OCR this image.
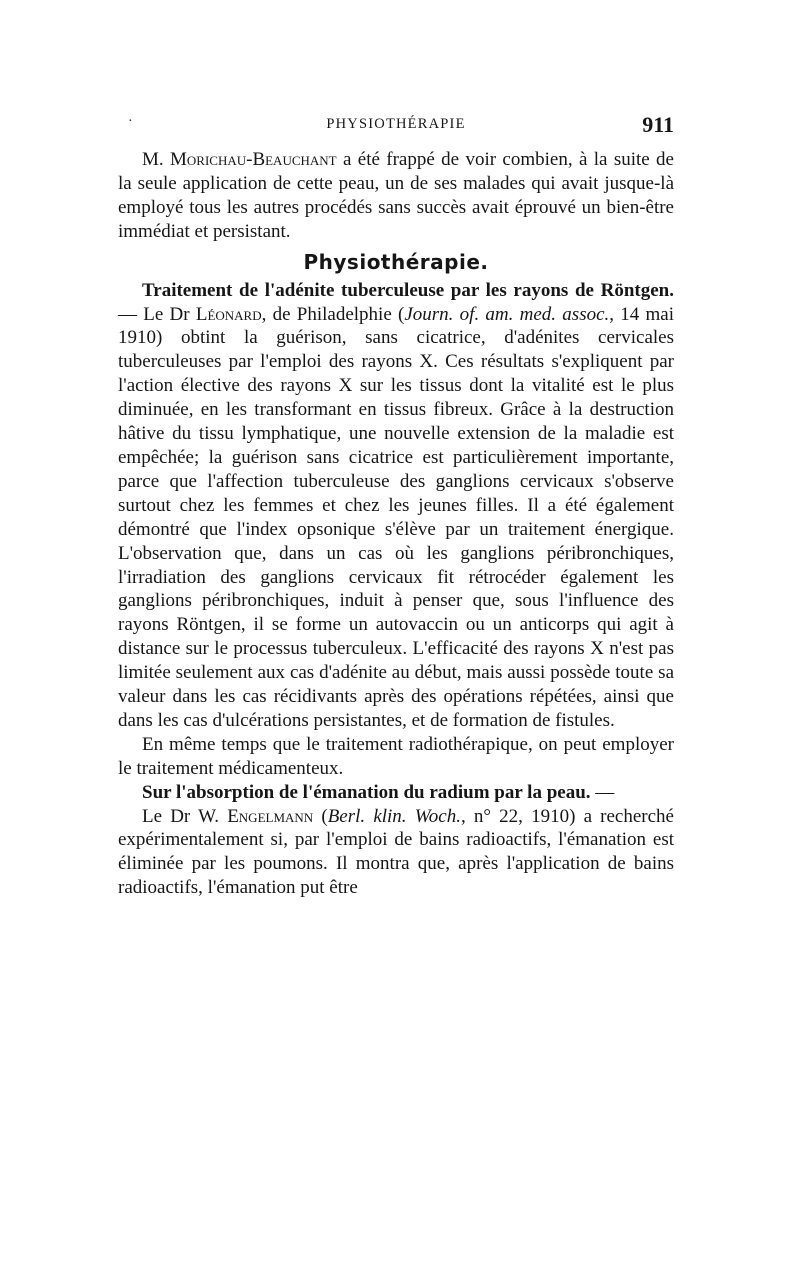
·	PHYSIOTHÉRAPIE	911

M. Morichau-Beauchant a été frappé de voir combien, à la suite de la seule application de cette peau, un de ses malades qui avait jusque-là employé tous les autres procédés sans succès avait éprouvé un bien-être immédiat et persistant.

Physiothérapie.

Traitement de l'adénite tuberculeuse par les rayons de Röntgen. — Le Dr Léonard, de Philadelphie (Journ. of. am. med. assoc., 14 mai 1910) obtint la guérison, sans cicatrice, d'adénites cervicales tuberculeuses par l'emploi des rayons X. Ces résultats s'expliquent par l'action élective des rayons X sur les tissus dont la vitalité est le plus diminuée, en les transformant en tissus fibreux. Grâce à la destruction hâtive du tissu lymphatique, une nouvelle extension de la maladie est empêchée; la guérison sans cicatrice est particulièrement importante, parce que l'affection tuberculeuse des ganglions cervicaux s'observe surtout chez les femmes et chez les jeunes filles. Il a été également démontré que l'index opsonique s'élève par un traitement énergique. L'observation que, dans un cas où les ganglions péribronchiques, l'irradiation des ganglions cervicaux fit rétrocéder également les ganglions péribronchiques, induit à penser que, sous l'influence des rayons Röntgen, il se forme un autovaccin ou un anticorps qui agit à distance sur le processus tuberculeux. L'efficacité des rayons X n'est pas limitée seulement aux cas d'adénite au début, mais aussi possède toute sa valeur dans les cas récidivants après des opérations répétées, ainsi que dans les cas d'ulcérations persistantes, et de formation de fistules.

En même temps que le traitement radiothérapique, on peut employer le traitement médicamenteux.

Sur l'absorption de l'émanation du radium par la peau. —

Le Dr W. Engelmann (Berl. klin. Woch., n° 22, 1910) a recherché expérimentalement si, par l'emploi de bains radioactifs, l'émanation est éliminée par les poumons. Il montra que, après l'application de bains radioactifs, l'émanation put être
